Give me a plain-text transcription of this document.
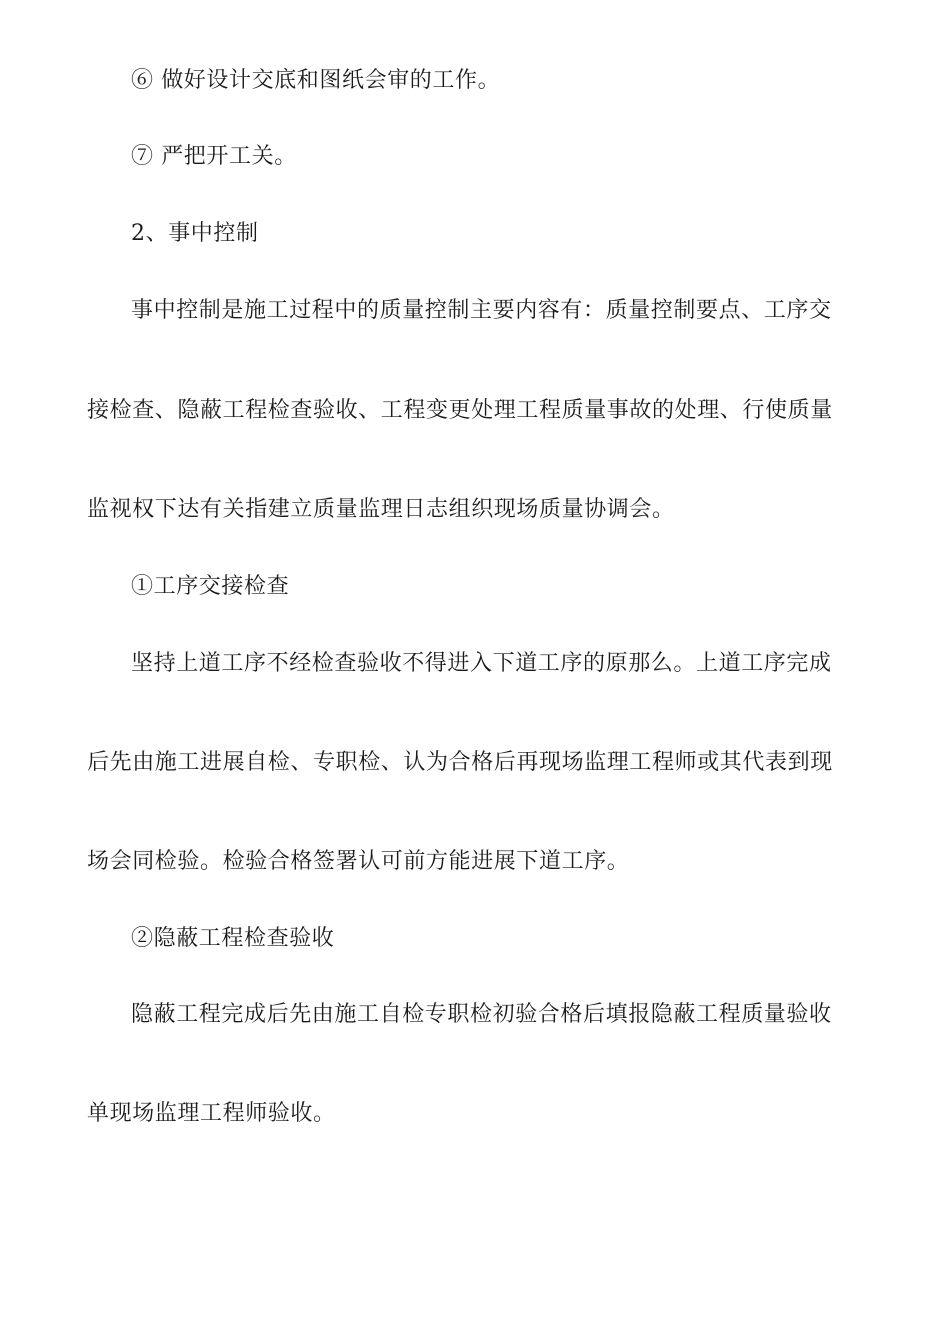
⑥ 做好设计交底和图纸会审的工作。
⑦ 严把开工关。
2、事中控制
事中控制是施工过程中的质量控制主要内容有：质量控制要点、工序交
接检查、隐蔽工程检查验收、工程变更处理工程质量事故的处理、行使质量
监视权下达有关指建立质量监理日志组织现场质量协调会。
①工序交接检查
坚持上道工序不经检查验收不得进入下道工序的原那么。上道工序完成
后先由施工进展自检、专职检、认为合格后再现场监理工程师或其代表到现
场会同检验。检验合格签署认可前方能进展下道工序。
②隐蔽工程检查验收
隐蔽工程完成后先由施工自检专职检初验合格后填报隐蔽工程质量验收
单现场监理工程师验收。
